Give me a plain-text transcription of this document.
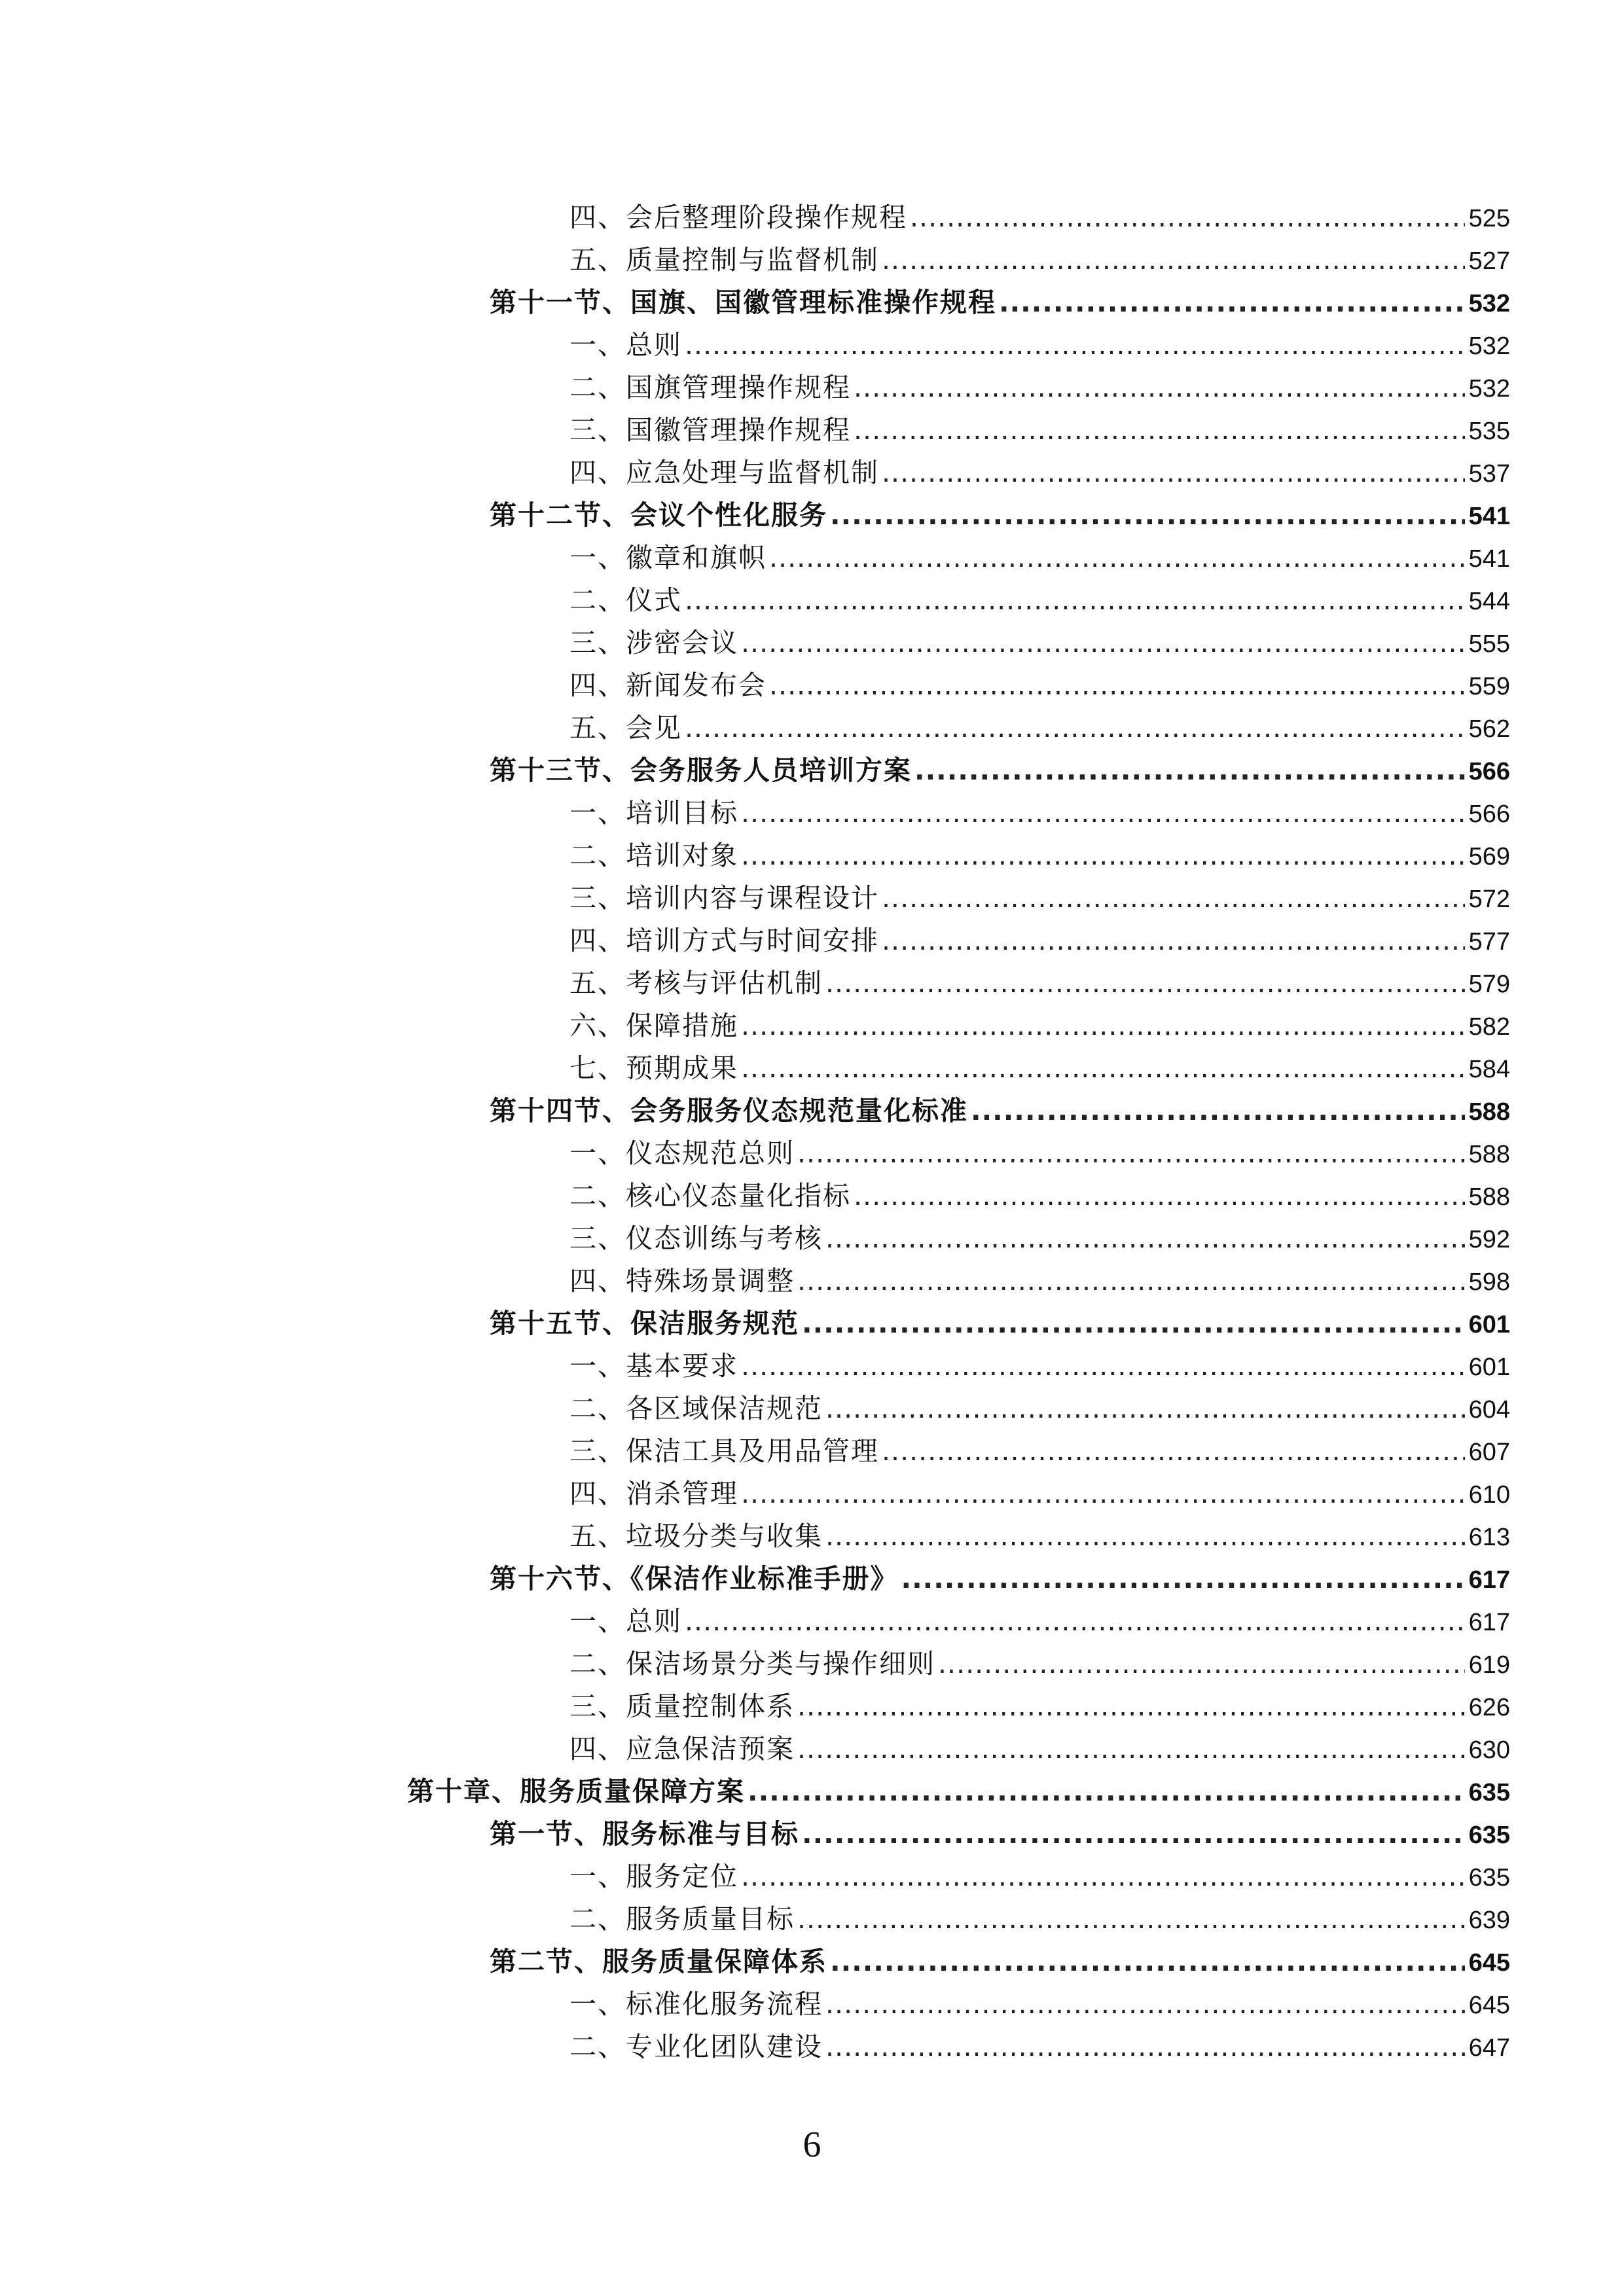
四、会后整理阶段操作规程 .....	525
五、质量控制与监督机制 .....	527
第十一节、国旗、国徽管理标准操作规程 .....	532
一、总则 .....	532
二、国旗管理操作规程 .....	532
三、国徽管理操作规程 .....	535
四、应急处理与监督机制 .....	537
第十二节、会议个性化服务 .....	541
一、徽章和旗帜 .....	541
二、仪式 .....	544
三、涉密会议 .....	555
四、新闻发布会 .....	559
五、会见 .....	562
第十三节、会务服务人员培训方案 .....	566
一、培训目标 .....	566
二、培训对象 .....	569
三、培训内容与课程设计 .....	572
四、培训方式与时间安排 .....	577
五、考核与评估机制 .....	579
六、保障措施 .....	582
七、预期成果 .....	584
第十四节、会务服务仪态规范量化标准 .....	588
一、仪态规范总则 .....	588
二、核心仪态量化指标 .....	588
三、仪态训练与考核 .....	592
四、特殊场景调整 .....	598
第十五节、保洁服务规范 .....	601
一、基本要求 .....	601
二、各区域保洁规范 .....	604
三、保洁工具及用品管理 .....	607
四、消杀管理 .....	610
五、垃圾分类与收集 .....	613
第十六节、《保洁作业标准手册》 .....	617
一、总则 .....	617
二、保洁场景分类与操作细则 .....	619
三、质量控制体系 .....	626
四、应急保洁预案 .....	630
第十章、服务质量保障方案 .....	635
第一节、服务标准与目标 .....	635
一、服务定位 .....	635
二、服务质量目标 .....	639
第二节、服务质量保障体系 .....	645
一、标准化服务流程 .....	645
二、专业化团队建设 .....	647
6
